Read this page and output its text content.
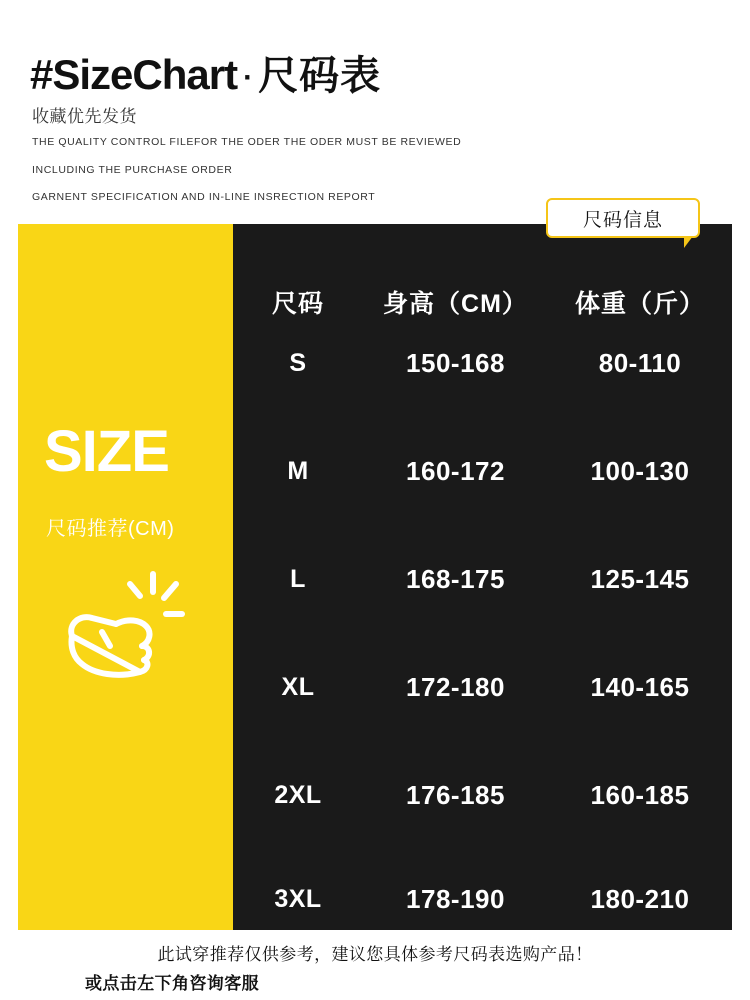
#SizeChart · 尺码表
收藏优先发货
THE QUALITY CONTROL FILEFOR THE ODER THE ODER MUST BE REVIEWED
INCLUDING THE PURCHASE ORDER
GARNENT SPECIFICATION AND IN-LINE INSRECTION REPORT
尺码信息
SIZE
尺码推荐(CM)
尺码	身高（CM）	体重（斤）
S	150-168	80-110
M	160-172	100-130
L	168-175	125-145
XL	172-180	140-165
2XL	176-185	160-185
3XL	178-190	180-210
此试穿推荐仅供参考，建议您具体参考尺码表选购产品！
或点击左下角咨询客服
